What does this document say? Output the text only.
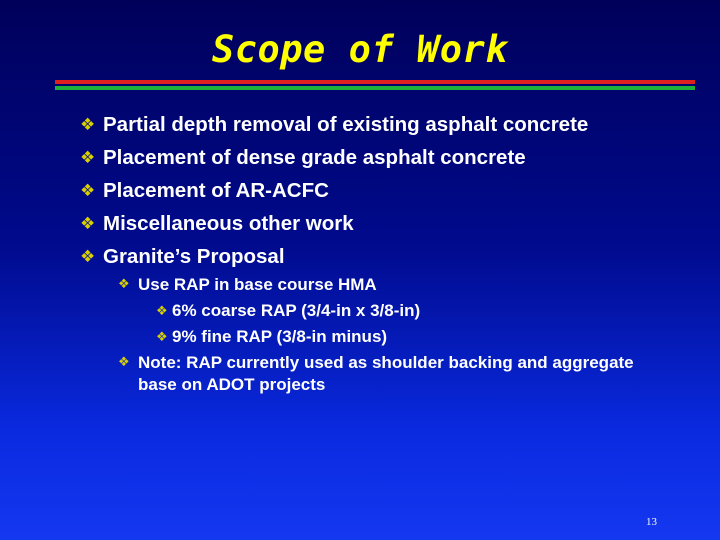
Scope of Work
❖ Partial depth removal of existing asphalt concrete
❖ Placement of dense grade asphalt concrete
❖ Placement of AR-ACFC
❖ Miscellaneous other work
❖ Granite’s Proposal
❖ Use RAP in base course HMA
❖ 6% coarse RAP (3/4-in x 3/8-in)
❖ 9% fine RAP (3/8-in minus)
❖ Note: RAP currently used as shoulder backing and aggregate base on ADOT projects
13
